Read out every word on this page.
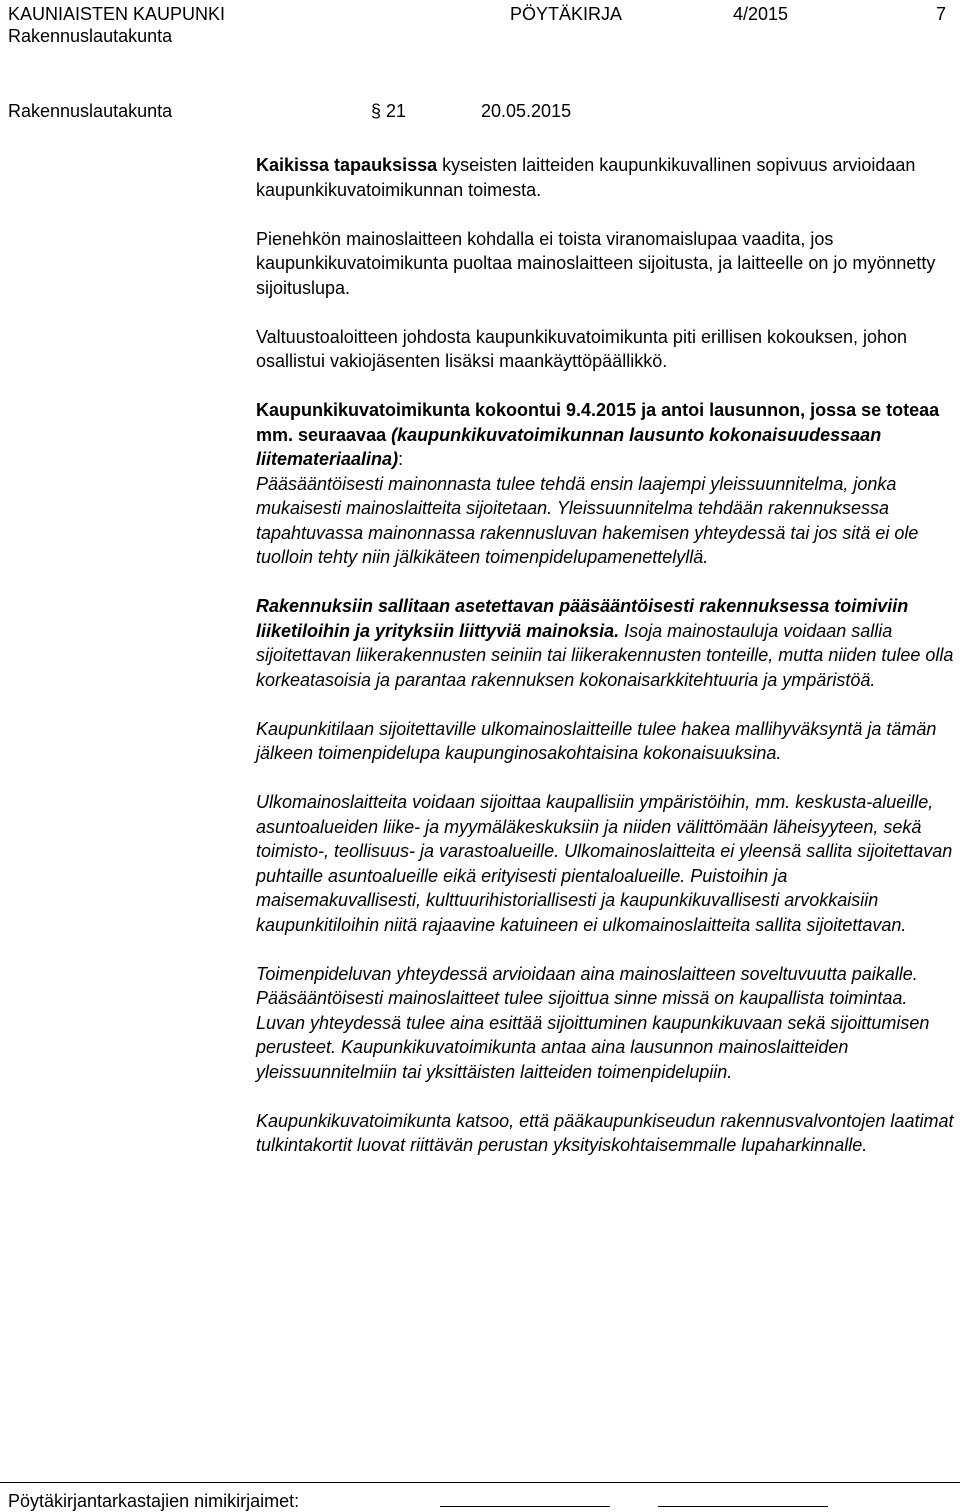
KAUNIAISTEN KAUPUNKI
Rakennuslautakunta
PÖYTÄKIRJA	4/2015	7
Rakennuslautakunta	§ 21	20.05.2015

Kaikissa tapauksissa kyseisten laitteiden kaupunkikuvallinen sopivuus arvioidaan kaupunkikuvatoimikunnan toimesta.

Pienehkön mainoslaitteen kohdalla ei toista viranomaislupaa vaadita, jos kaupunkikuvatoimikunta puoltaa mainoslaitteen sijoitusta, ja laitteelle on jo myönnetty sijoituslupa.

Valtuustoaloitteen johdosta kaupunkikuvatoimikunta piti erillisen kokouksen, johon osallistui vakiojäsenten lisäksi maankäyttöpäällikkö.

Kaupunkikuvatoimikunta kokoontui 9.4.2015 ja antoi lausunnon, jossa se toteaa mm. seuraavaa (kaupunkikuvatoimikunnan lausunto kokonaisuudessaan liitemateriaalina):

Pääsääntöisesti mainonnasta tulee tehdä ensin laajempi yleissuunnitelma, jonka mukaisesti mainoslaitteita sijoitetaan. Yleissuunnitelma tehdään rakennuksessa tapahtuvassa mainonnassa rakennusluvan hakemisen yhteydessä tai jos sitä ei ole tuolloin tehty niin jälkikäteen toimenpidelupamenettelyllä.

Rakennuksiin sallitaan asetettavan pääsääntöisesti rakennuksessa toimiviin liiketiloihin ja yrityksiin liittyviä mainoksia. Isoja mainostauluja voidaan sallia sijoitettavan liikerakennusten seiniin tai liikerakennusten tonteille, mutta niiden tulee olla korkeatasoisia ja parantaa rakennuksen kokonaisarkkitehtuuria ja ympäristöä.

Kaupunkitilaan sijoitettaville ulkomainoslaitteille tulee hakea mallihyväksyntä ja tämän jälkeen toimenpidelupa kaupunginosakohtaisina kokonaisuuksina.

Ulkomainoslaitteita voidaan sijoittaa kaupallisiin ympäristöihin, mm. keskusta-alueille, asuntoalueiden liike- ja myymäläkeskuksiin ja niiden välittömään läheisyyteen, sekä toimisto-, teollisuus- ja varastoalueille. Ulkomainoslaitteita ei yleensä sallita sijoitettavan puhtaille asuntoalueille eikä erityisesti pientaloalueille. Puistoihin ja maisemakuvallisesti, kulttuurihistoriallisesti ja kaupunkikuvallisesti arvokkaisiin kaupunkitiloihin niitä rajaavine katuineen ei ulkomainoslaitteita sallita sijoitettavan.

Toimenpideluvan yhteydessä arvioidaan aina mainoslaitteen soveltuvuutta paikalle. Pääsääntöisesti mainoslaitteet tulee sijoittua sinne missä on kaupallista toimintaa. Luvan yhteydessä tulee aina esittää sijoittuminen kaupunkikuvaan sekä sijoittumisen perusteet. Kaupunkikuvatoimikunta antaa aina lausunnon mainoslaitteiden yleissuunnitelmiin tai yksittäisten laitteiden toimenpidelupiin.

Kaupunkikuvatoimikunta katsoo, että pääkaupunkiseudun rakennusvalvontojen laatimat tulkintakortit luovat riittävän perustan yksityiskohtaisemmalle lupaharkinnalle.

Pöytäkirjantarkastajien nimikirjaimet:
